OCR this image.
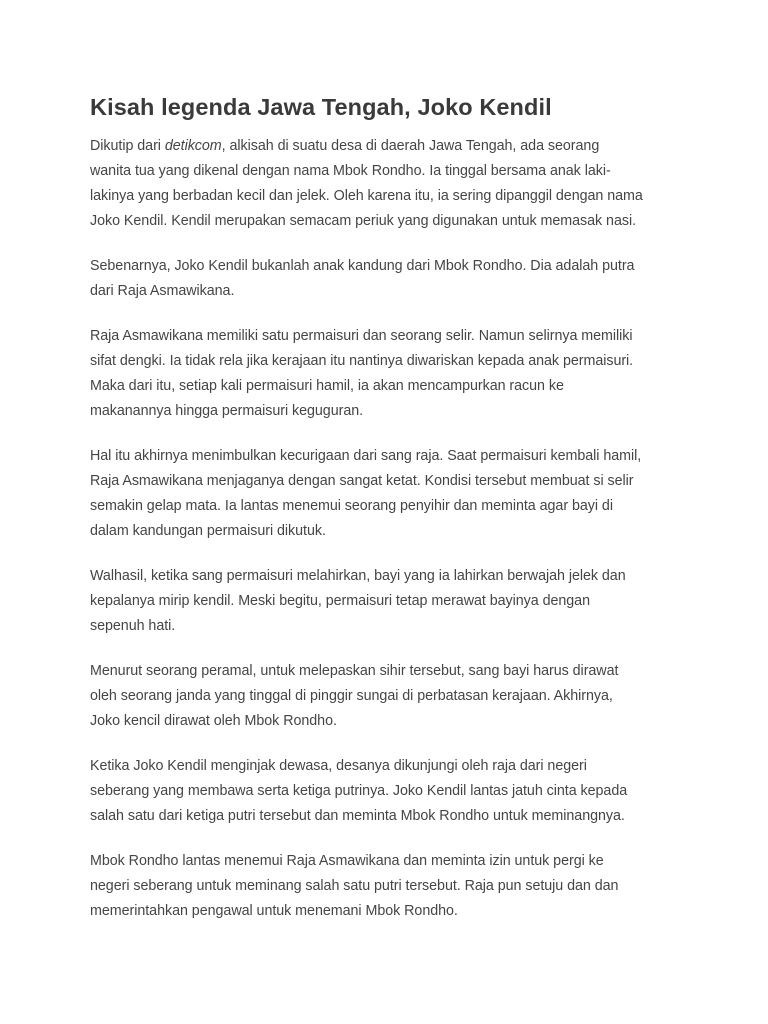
Kisah legenda Jawa Tengah, Joko Kendil

Dikutip dari detikcom, alkisah di suatu desa di daerah Jawa Tengah, ada seorang
wanita tua yang dikenal dengan nama Mbok Rondho. Ia tinggal bersama anak laki-
lakinya yang berbadan kecil dan jelek. Oleh karena itu, ia sering dipanggil dengan nama
Joko Kendil. Kendil merupakan semacam periuk yang digunakan untuk memasak nasi.

Sebenarnya, Joko Kendil bukanlah anak kandung dari Mbok Rondho. Dia adalah putra
dari Raja Asmawikana.

Raja Asmawikana memiliki satu permaisuri dan seorang selir. Namun selirnya memiliki
sifat dengki. Ia tidak rela jika kerajaan itu nantinya diwariskan kepada anak permaisuri.
Maka dari itu, setiap kali permaisuri hamil, ia akan mencampurkan racun ke
makanannya hingga permaisuri keguguran.

Hal itu akhirnya menimbulkan kecurigaan dari sang raja. Saat permaisuri kembali hamil,
Raja Asmawikana menjaganya dengan sangat ketat. Kondisi tersebut membuat si selir
semakin gelap mata. Ia lantas menemui seorang penyihir dan meminta agar bayi di
dalam kandungan permaisuri dikutuk.

Walhasil, ketika sang permaisuri melahirkan, bayi yang ia lahirkan berwajah jelek dan
kepalanya mirip kendil. Meski begitu, permaisuri tetap merawat bayinya dengan
sepenuh hati.

Menurut seorang peramal, untuk melepaskan sihir tersebut, sang bayi harus dirawat
oleh seorang janda yang tinggal di pinggir sungai di perbatasan kerajaan. Akhirnya,
Joko kencil dirawat oleh Mbok Rondho.

Ketika Joko Kendil menginjak dewasa, desanya dikunjungi oleh raja dari negeri
seberang yang membawa serta ketiga putrinya. Joko Kendil lantas jatuh cinta kepada
salah satu dari ketiga putri tersebut dan meminta Mbok Rondho untuk meminangnya.

Mbok Rondho lantas menemui Raja Asmawikana dan meminta izin untuk pergi ke
negeri seberang untuk meminang salah satu putri tersebut. Raja pun setuju dan dan
memerintahkan pengawal untuk menemani Mbok Rondho.
